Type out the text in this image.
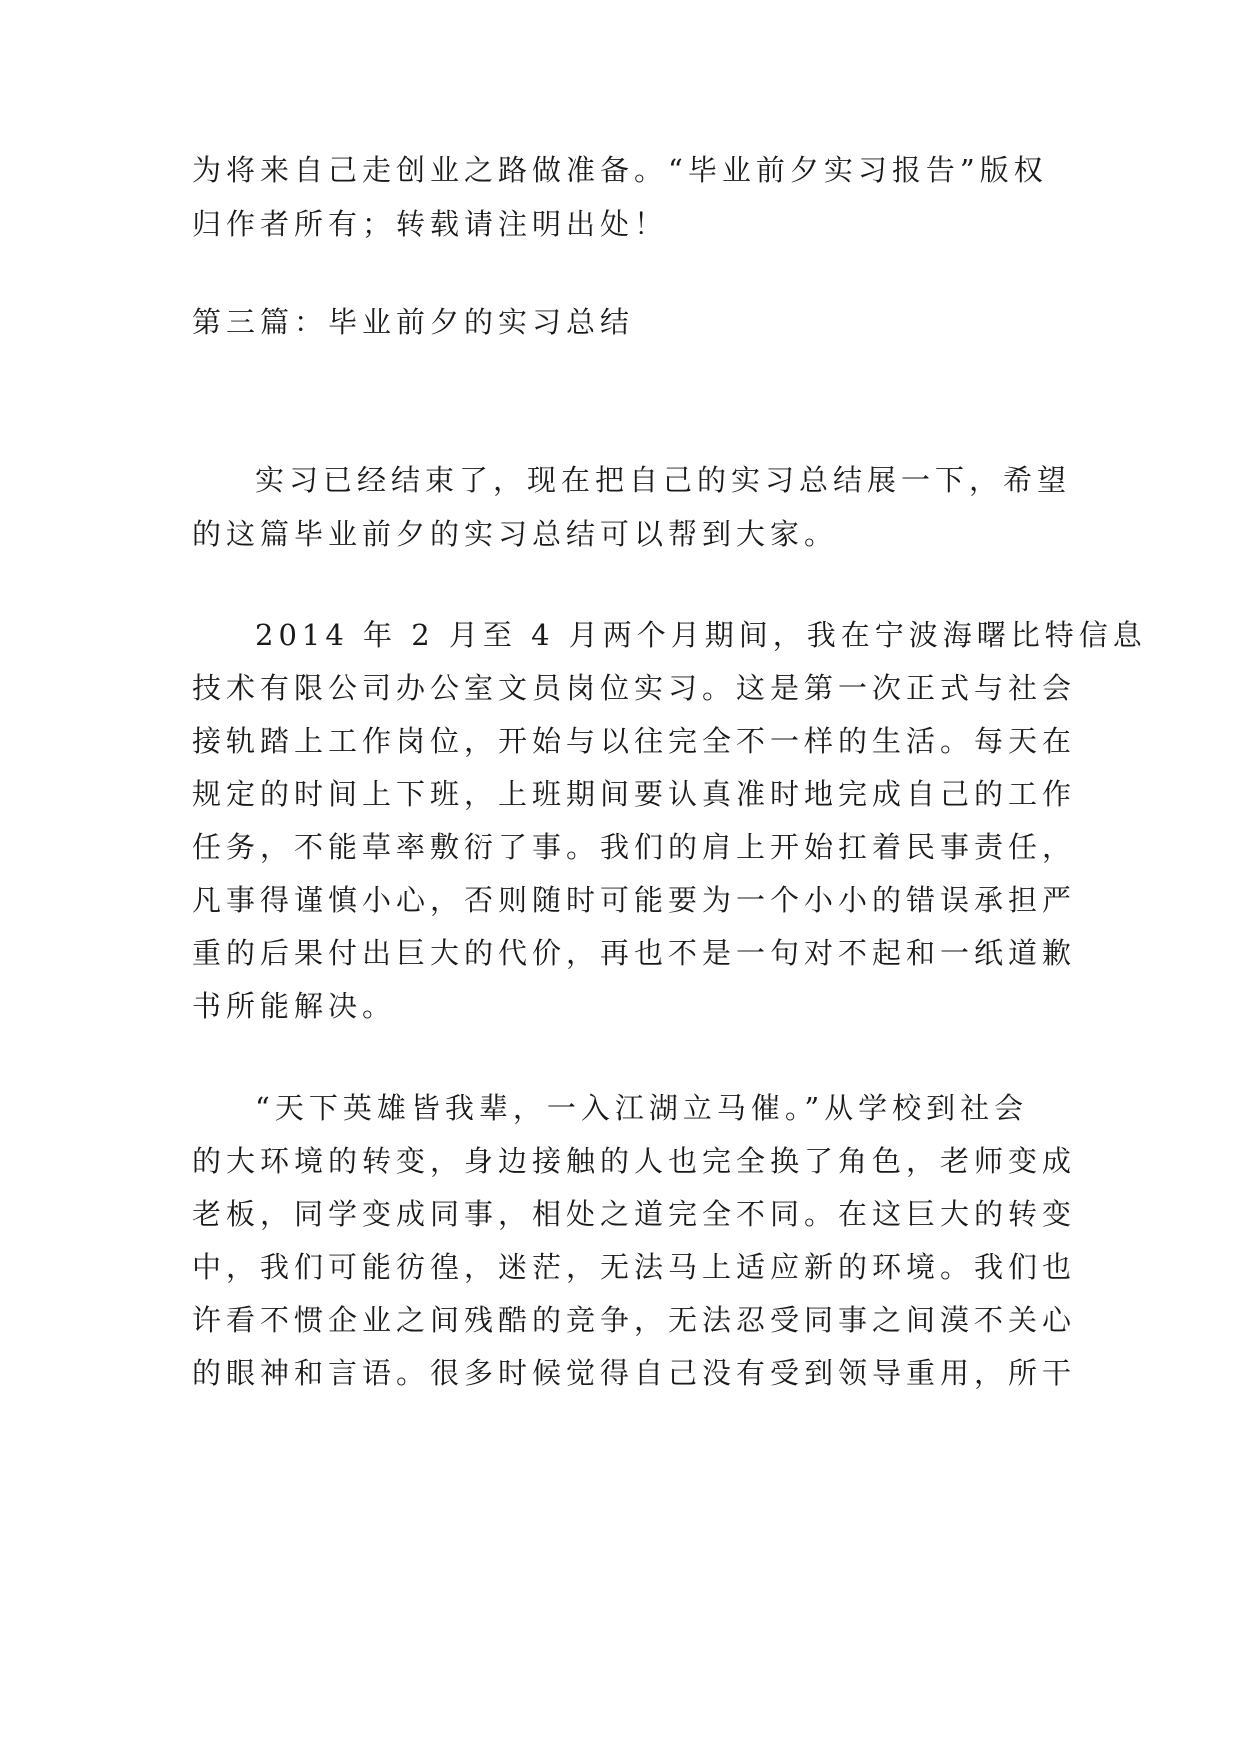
为将来自己走创业之路做准备。“毕业前夕实习报告”版权
归作者所有；转载请注明出处！
第三篇：毕业前夕的实习总结
实习已经结束了，现在把自己的实习总结展一下，希望
的这篇毕业前夕的实习总结可以帮到大家。
2014 年 2 月至 4 月两个月期间，我在宁波海曙比特信息
技术有限公司办公室文员岗位实习。这是第一次正式与社会
接轨踏上工作岗位，开始与以往完全不一样的生活。每天在
规定的时间上下班，上班期间要认真准时地完成自己的工作
任务，不能草率敷衍了事。我们的肩上开始扛着民事责任，
凡事得谨慎小心，否则随时可能要为一个小小的错误承担严
重的后果付出巨大的代价，再也不是一句对不起和一纸道歉
书所能解决。
“天下英雄皆我辈，一入江湖立马催。”从学校到社会
的大环境的转变，身边接触的人也完全换了角色，老师变成
老板，同学变成同事，相处之道完全不同。在这巨大的转变
中，我们可能彷徨，迷茫，无法马上适应新的环境。我们也
许看不惯企业之间残酷的竞争，无法忍受同事之间漠不关心
的眼神和言语。很多时候觉得自己没有受到领导重用，所干
